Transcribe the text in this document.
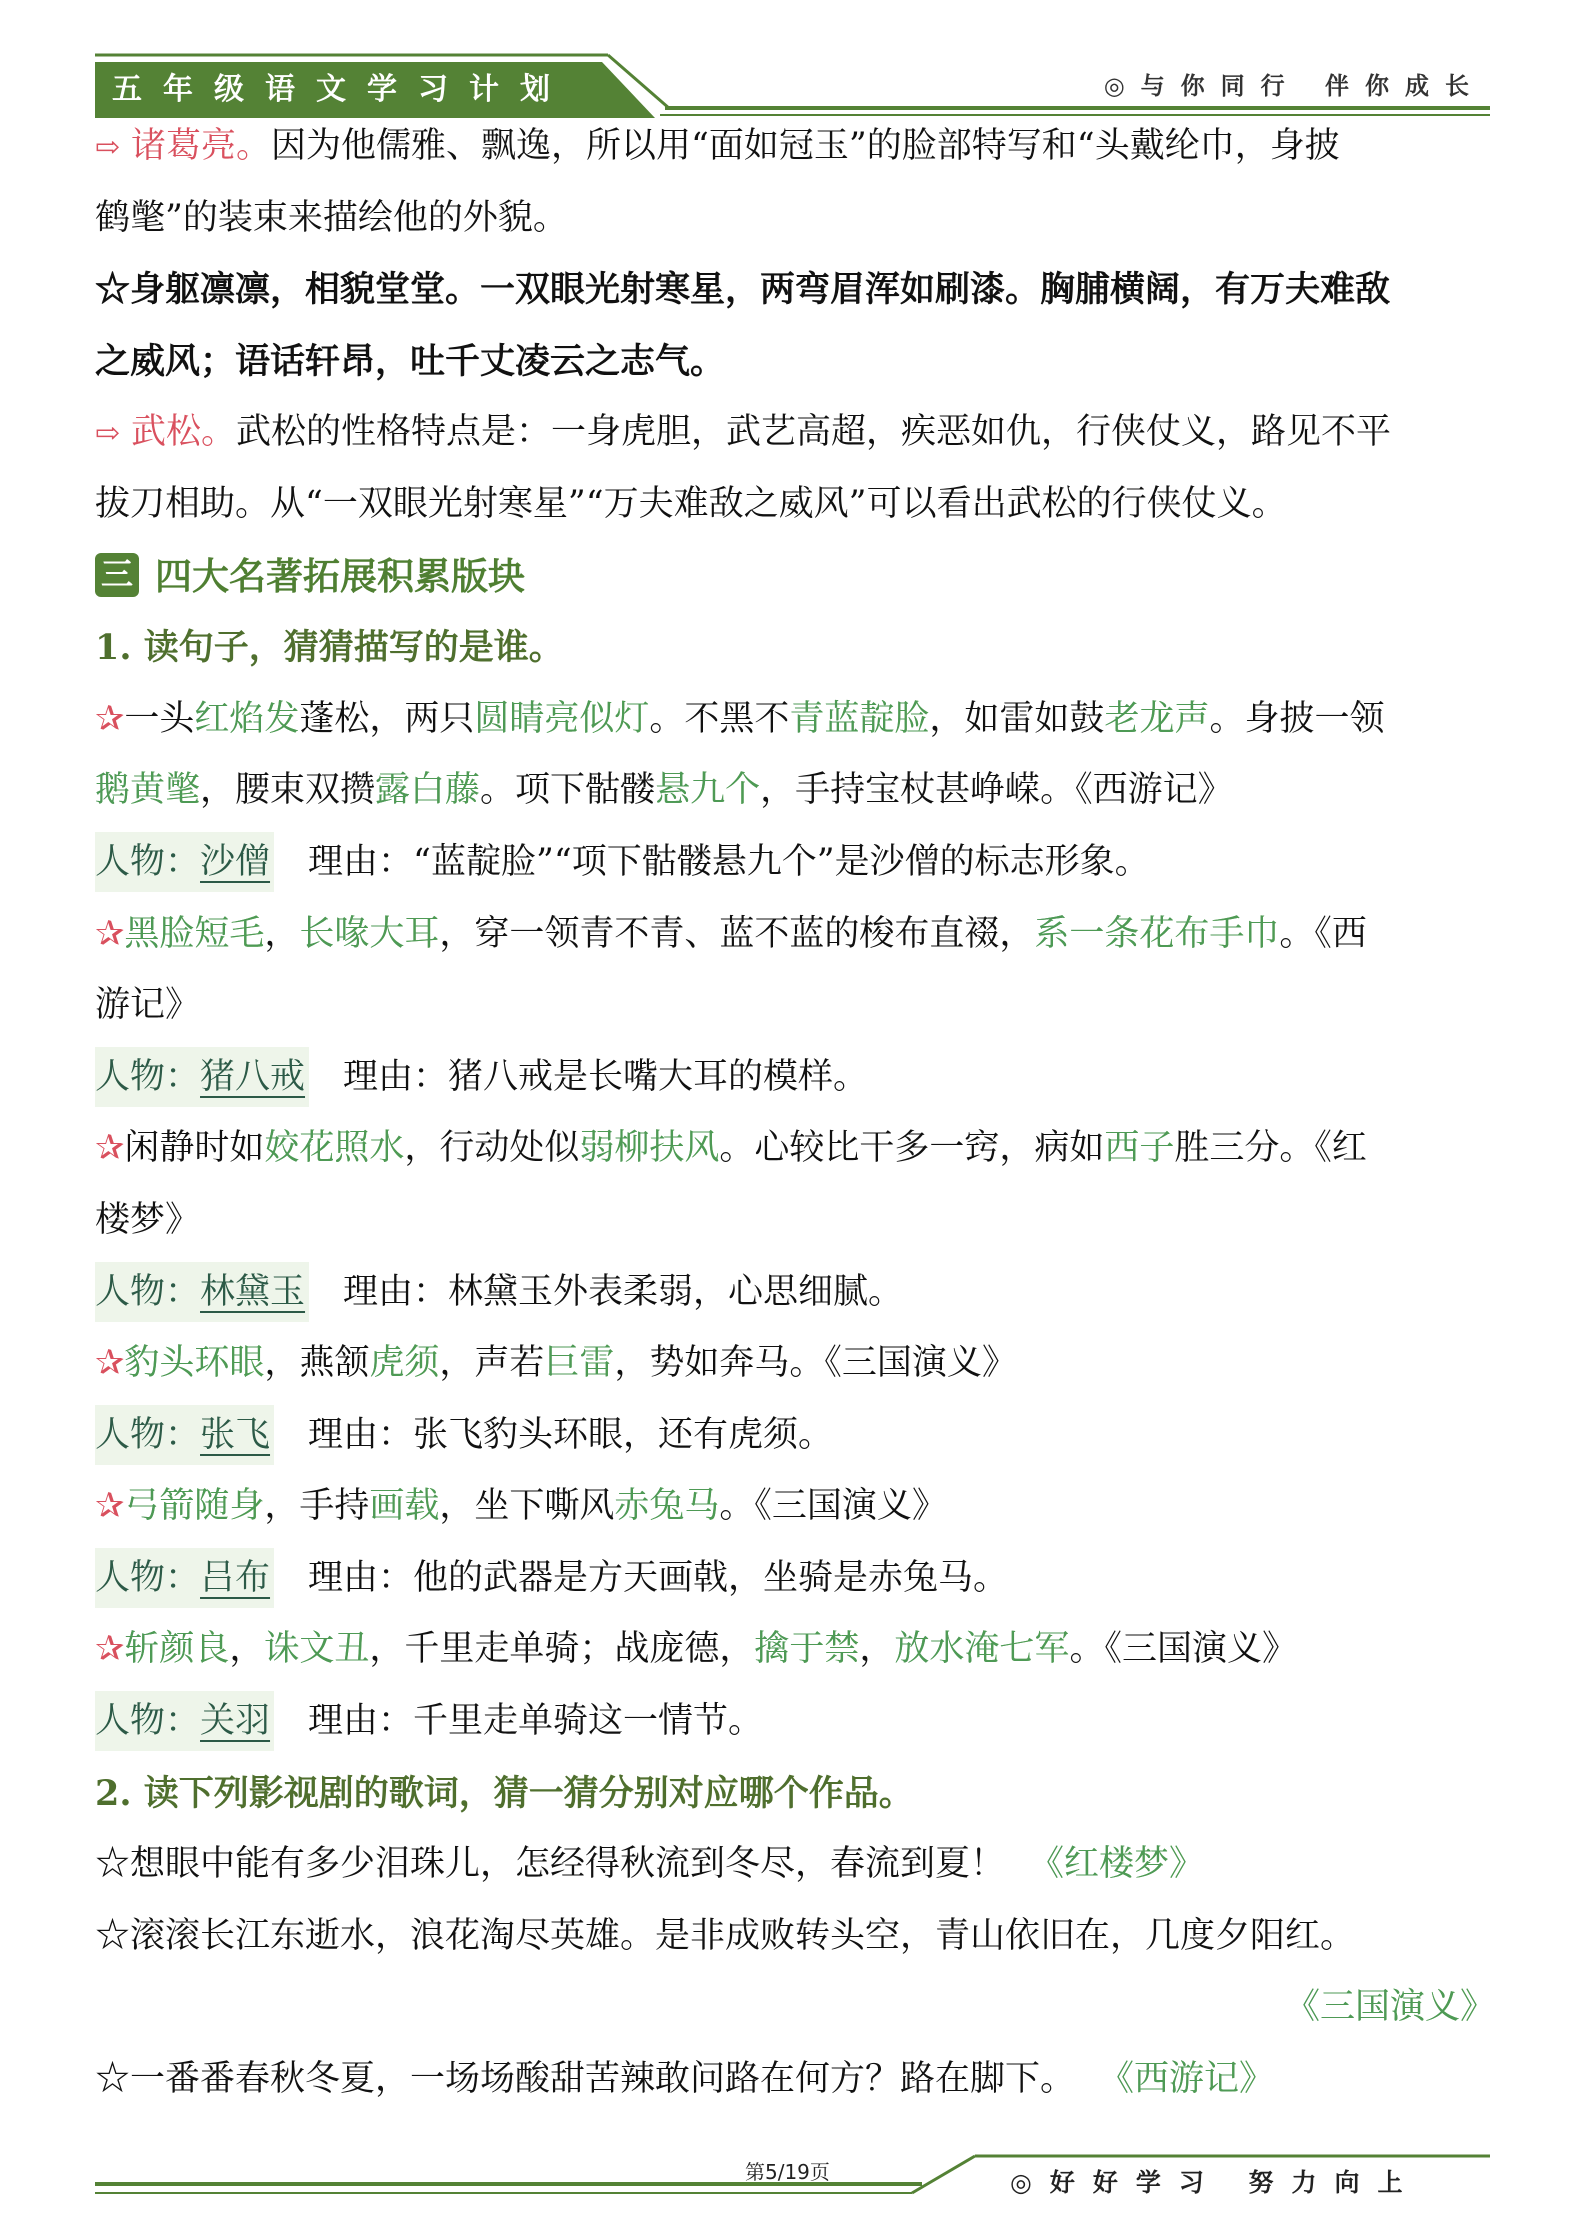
五年级语文学习计划	◎与你同行 伴你成长
⇨ 诸葛亮。因为他儒雅、飘逸，所以用“面如冠玉”的脸部特写和“头戴纶巾，身披
鹤氅”的装束来描绘他的外貌。
☆身躯凛凛，相貌堂堂。一双眼光射寒星，两弯眉浑如刷漆。胸脯横阔，有万夫难敌
之威风；语话轩昂，吐千丈凌云之志气。
⇨ 武松。武松的性格特点是：一身虎胆，武艺高超，疾恶如仇，行侠仗义，路见不平
拔刀相助。从“一双眼光射寒星”“万夫难敌之威风”可以看出武松的行侠仗义。
三 四大名著拓展积累版块
1. 读句子，猜猜描写的是谁。
✰一头红焰发蓬松，两只圆睛亮似灯。不黑不青蓝靛脸，如雷如鼓老龙声。身披一领
鹅黄氅，腰束双攒露白藤。项下骷髅悬九个，手持宝杖甚峥嵘。《西游记》
人物：沙僧 理由：“蓝靛脸”“项下骷髅悬九个”是沙僧的标志形象。
✰黑脸短毛，长喙大耳，穿一领青不青、蓝不蓝的梭布直裰，系一条花布手巾。《西
游记》
人物：猪八戒 理由：猪八戒是长嘴大耳的模样。
✰闲静时如姣花照水，行动处似弱柳扶风。心较比干多一窍，病如西子胜三分。《红
楼梦》
人物：林黛玉 理由：林黛玉外表柔弱，心思细腻。
✰豹头环眼，燕颔虎须，声若巨雷，势如奔马。《三国演义》
人物：张飞 理由：张飞豹头环眼，还有虎须。
✰弓箭随身，手持画载，坐下嘶风赤兔马。《三国演义》
人物：吕布 理由：他的武器是方天画戟，坐骑是赤兔马。
✰斩颜良，诛文丑，千里走单骑；战庞德，擒于禁，放水淹七军。《三国演义》
人物：关羽 理由：千里走单骑这一情节。
2. 读下列影视剧的歌词，猜一猜分别对应哪个作品。
☆想眼中能有多少泪珠儿，怎经得秋流到冬尽，春流到夏！ 《红楼梦》
☆滚滚长江东逝水，浪花淘尽英雄。是非成败转头空，青山依旧在，几度夕阳红。
《三国演义》
☆一番番春秋冬夏，一场场酸甜苦辣敢问路在何方？路在脚下。 《西游记》
第5/19页	◎好好学习 努力向上
